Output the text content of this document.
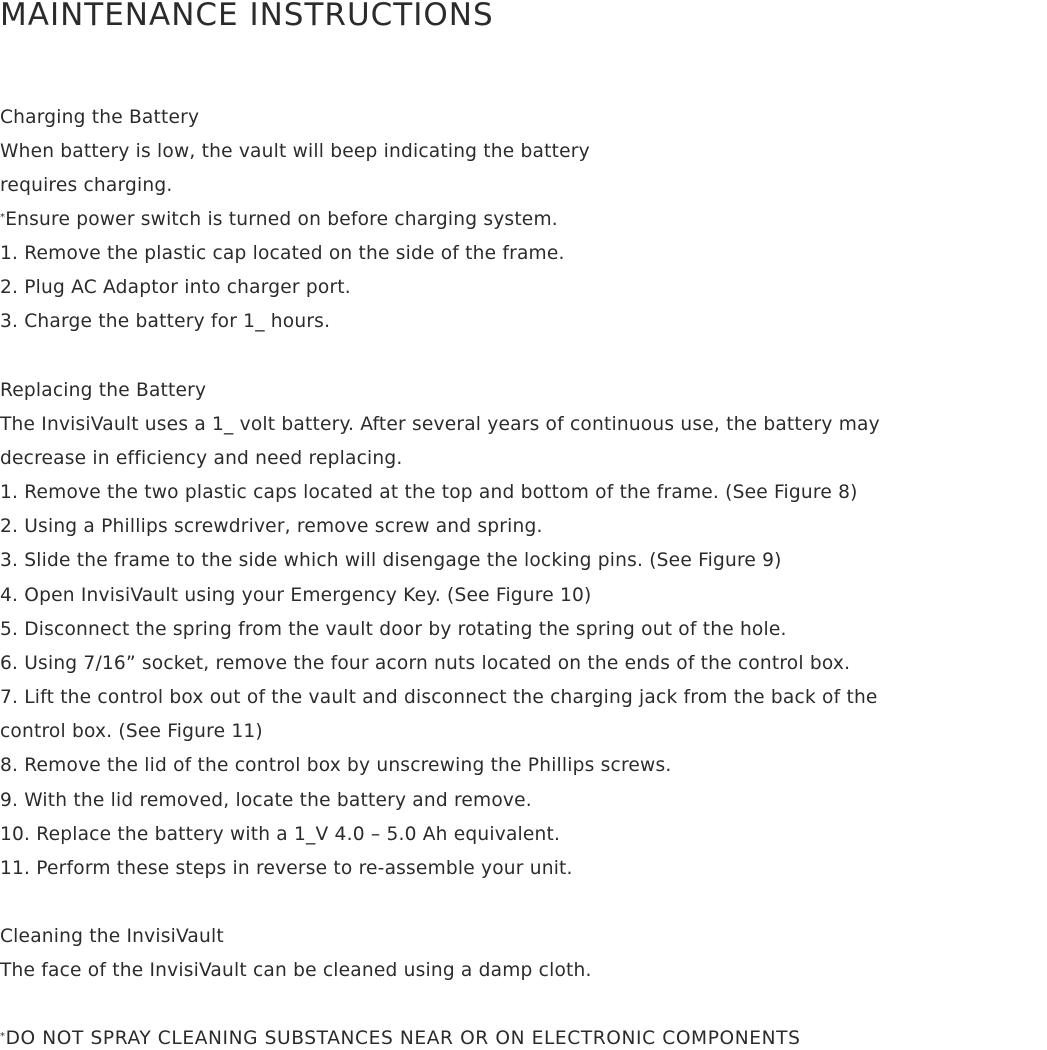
MAINTENANCE INSTRUCTIONS

Charging the Battery

When battery is low, the vault will beep indicating the battery

requires charging.

*Ensure power switch is turned on before charging system.

1. Remove the plastic cap located on the side of the frame.

2. Plug AC Adaptor into charger port.

3. Charge the battery for 1_ hours.

Replacing the Battery

The InvisiVault uses a 1_ volt battery. After several years of continuous use, the battery may

decrease in efficiency and need replacing.

1. Remove the two plastic caps located at the top and bottom of the frame. (See Figure 8)

2. Using a Phillips screwdriver, remove screw and spring.

3. Slide the frame to the side which will disengage the locking pins. (See Figure 9)

4. Open InvisiVault using your Emergency Key. (See Figure 10)

5. Disconnect the spring from the vault door by rotating the spring out of the hole.

6. Using 7/16” socket, remove the four acorn nuts located on the ends of the control box.

7. Lift the control box out of the vault and disconnect the charging jack from the back of the

control box. (See Figure 11)

8. Remove the lid of the control box by unscrewing the Phillips screws.

9. With the lid removed, locate the battery and remove.

10. Replace the battery with a 1_V 4.0 – 5.0 Ah equivalent.

11. Perform these steps in reverse to re-assemble your unit.

Cleaning the InvisiVault

The face of the InvisiVault can be cleaned using a damp cloth.

*DO NOT SPRAY CLEANING SUBSTANCES NEAR OR ON ELECTRONIC COMPONENTS
